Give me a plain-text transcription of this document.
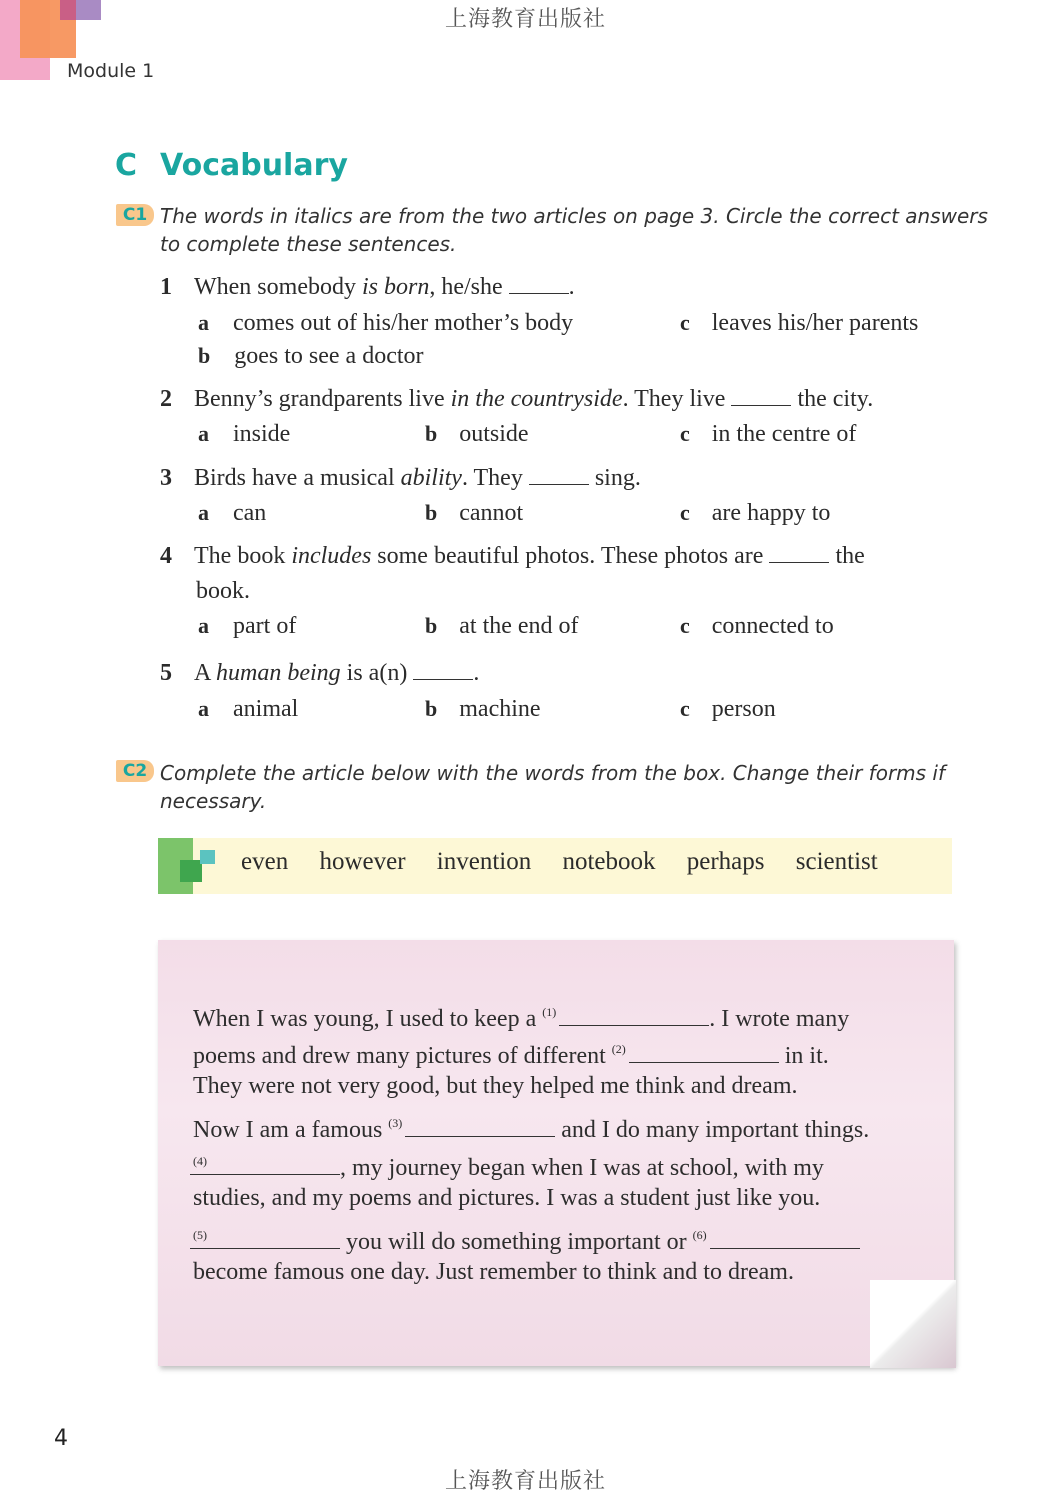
上海教育出版社
Module 1
C Vocabulary
C1 The words in italics are from the two articles on page 3. Circle the correct answers
to complete these sentences.
1 When somebody is born, he/she	.
a comes out of his/her mother’s body
b goes to see a doctor
c leaves his/her parents
2 Benny’s grandparents live in the countryside. They live	the city.
a inside	b outside	c in the centre of
3 Birds have a musical ability. They	sing.
a can	b cannot	c are happy to
4 The book includes some beautiful photos. These photos are	the
book.
a part of	b at the end of	c connected to
5 A human being is a(n)	.
a animal	b machine	c person
C2 Complete the article below with the words from the box. Change their forms if
necessary.
even however invention notebook perhaps scientist
When I was young, I used to keep a $^{(1)}$	. I wrote many
poems and drew many pictures of different $^{(2)}$	in it.
They were not very good, but they helped me think and dream.
Now I am a famous $^{(3)}$	and I do many important things.
$^{(4)}$	, my journey began when I was at school, with my
studies, and my poems and pictures. I was a student just like you.
$^{(5)}$	you will do something important or $^{(6)}$
become famous one day. Just remember to think and to dream.
4
上海教育出版社
